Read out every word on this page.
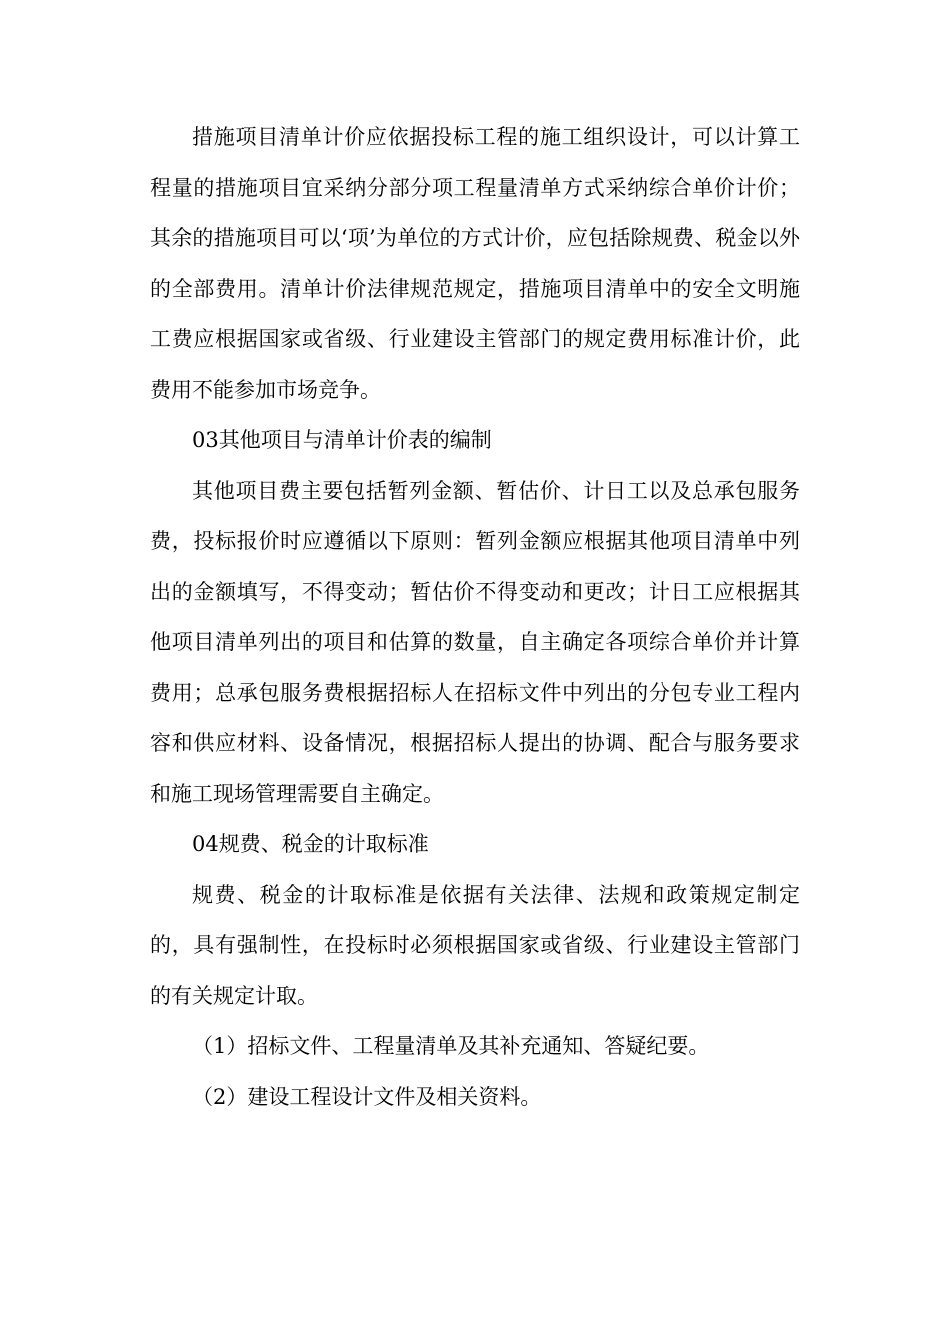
措施项目清单计价应依据投标工程的施工组织设计，可以计算工程量的措施项目宜采纳分部分项工程量清单方式采纳综合单价计价；其余的措施项目可以‘项’为单位的方式计价，应包括除规费、税金以外的全部费用。清单计价法律规范规定，措施项目清单中的安全文明施工费应根据国家或省级、行业建设主管部门的规定费用标准计价，此费用不能参加市场竞争。

03其他项目与清单计价表的编制

其他项目费主要包括暂列金额、暂估价、计日工以及总承包服务费，投标报价时应遵循以下原则：暂列金额应根据其他项目清单中列出的金额填写，不得变动；暂估价不得变动和更改；计日工应根据其他项目清单列出的项目和估算的数量，自主确定各项综合单价并计算费用；总承包服务费根据招标人在招标文件中列出的分包专业工程内容和供应材料、设备情况，根据招标人提出的协调、配合与服务要求和施工现场管理需要自主确定。

04规费、税金的计取标准

规费、税金的计取标准是依据有关法律、法规和政策规定制定的，具有强制性，在投标时必须根据国家或省级、行业建设主管部门的有关规定计取。

（1）招标文件、工程量清单及其补充通知、答疑纪要。

（2）建设工程设计文件及相关资料。
